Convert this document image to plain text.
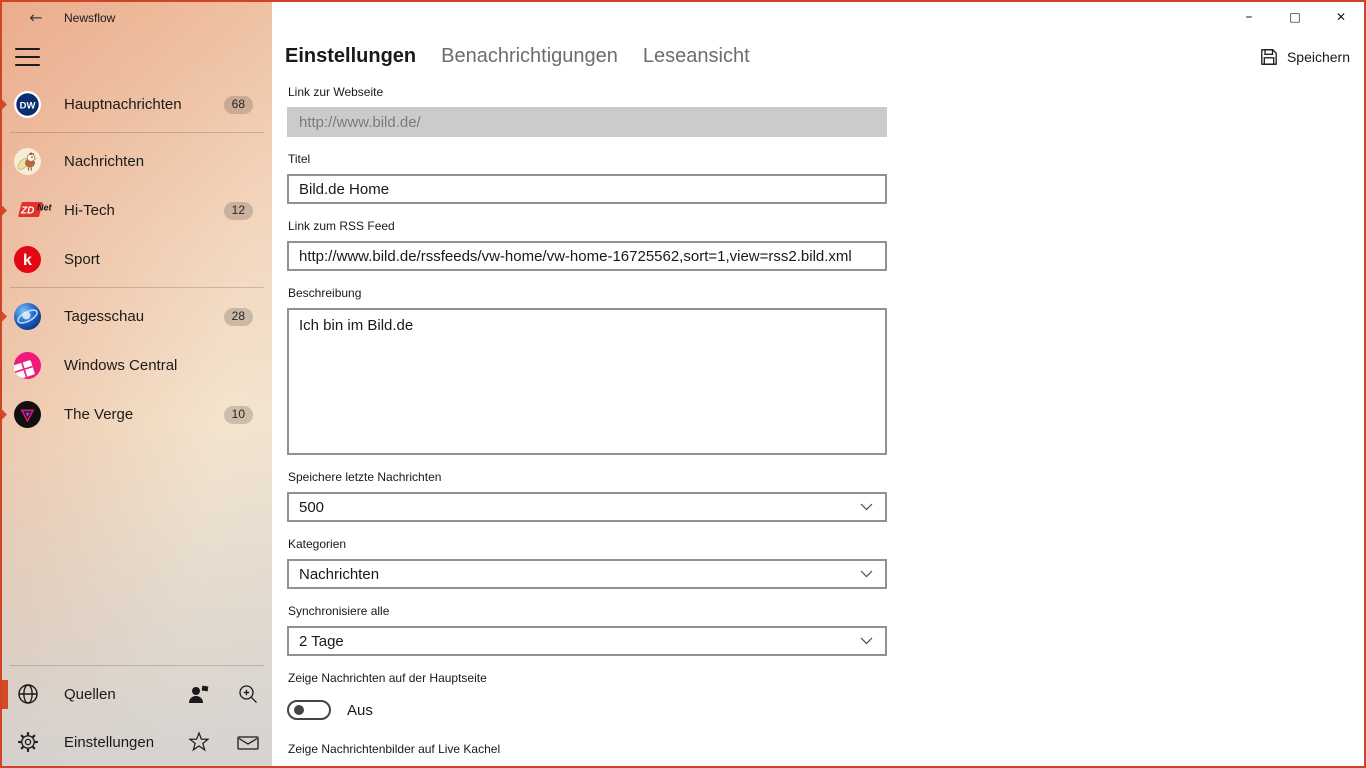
←	Newsflow
DW Hauptnachrichten	68
Nachrichten
ZD Net Hi-Tech	12
k Sport
Tagesschau	28
Windows Central
The Verge	10
Quellen
Einstellungen
–	□	✕
Einstellungen Benachrichtigungen Leseansicht	Speichern
Link zur Webseite
http://www.bild.de/
Titel
Bild.de Home
Link zum RSS Feed
http://www.bild.de/rssfeeds/vw-home/vw-home-16725562,sort=1,view=rss2.bild.xml
Beschreibung
Ich bin im Bild.de
Speichere letzte Nachrichten
500
Kategorien
Nachrichten
Synchronisiere alle
2 Tage
Zeige Nachrichten auf der Hauptseite
Aus
Zeige Nachrichtenbilder auf Live Kachel
